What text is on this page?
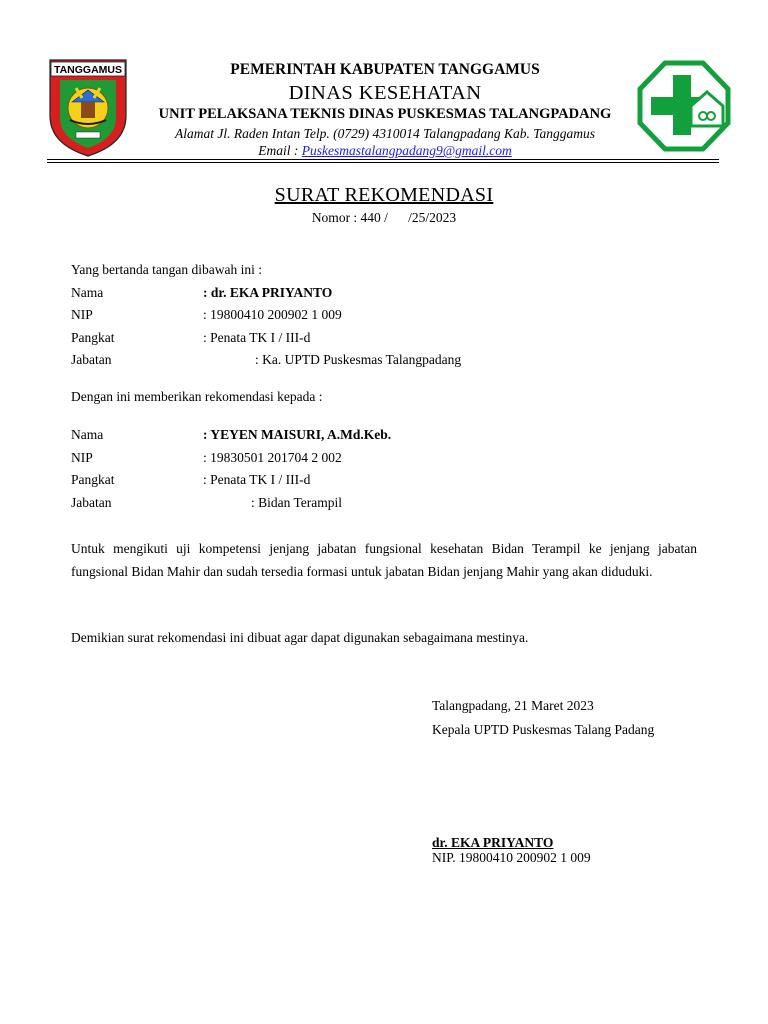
TANGGAMUS	PEMERINTAH KABUPATEN TANGGAMUS
DINAS KESEHATAN
UNIT PELAKSANA TEKNIS DINAS PUSKESMAS TALANGPADANG
Alamat Jl. Raden Intan Telp. (0729) 4310014 Talangpadang Kab. Tanggamus
Email : Puskesmastalangpadang9@gmail.com
SURAT REKOMENDASI
Nomor : 440 /      /25/2023
Yang bertanda tangan dibawah ini :
Nama	: dr. EKA PRIYANTO
NIP	: 19800410 200902 1 009
Pangkat	: Penata TK I / III-d
Jabatan	: Ka. UPTD Puskesmas Talangpadang
Dengan ini memberikan rekomendasi kepada :
Nama	: YEYEN MAISURI, A.Md.Keb.
NIP	: 19830501 201704 2 002
Pangkat	: Penata TK I / III-d
Jabatan	: Bidan Terampil
Untuk mengikuti uji kompetensi jenjang jabatan fungsional kesehatan Bidan Terampil ke jenjang jabatan fungsional Bidan Mahir dan sudah tersedia formasi untuk jabatan Bidan jenjang Mahir yang akan diduduki.
Demikian surat rekomendasi ini dibuat agar dapat digunakan sebagaimana mestinya.
Talangpadang, 21 Maret 2023
Kepala UPTD Puskesmas Talang Padang
dr. EKA PRIYANTO
NIP. 19800410 200902 1 009
